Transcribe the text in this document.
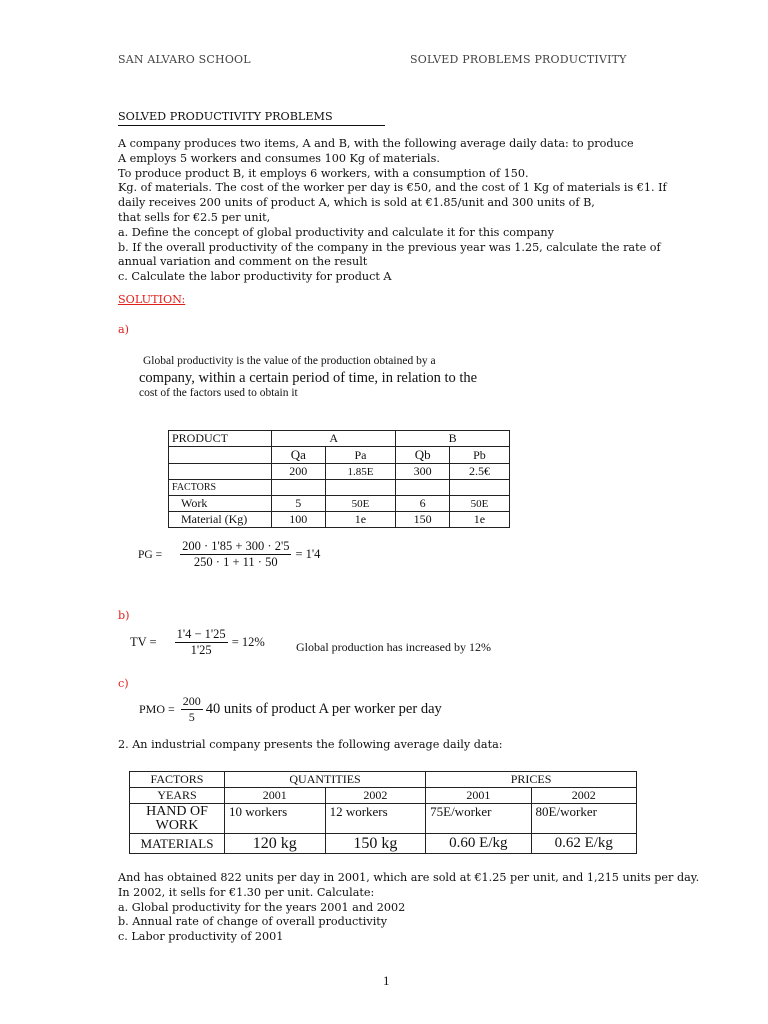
SAN ALVARO SCHOOL	SOLVED PROBLEMS PRODUCTIVITY
SOLVED PRODUCTIVITY PROBLEMS
A company produces two items, A and B, with the following average daily data: to produce
A employs 5 workers and consumes 100 Kg of materials.
To produce product B, it employs 6 workers, with a consumption of 150.
Kg. of materials. The cost of the worker per day is €50, and the cost of 1 Kg of materials is €1. If
daily receives 200 units of product A, which is sold at €1.85/unit and 300 units of B,
that sells for €2.5 per unit,
a. Define the concept of global productivity and calculate it for this company
b. If the overall productivity of the company in the previous year was 1.25, calculate the rate of
annual variation and comment on the result
c. Calculate the labor productivity for product A
SOLUTION:
a)
Global productivity is the value of the production obtained by a
company, within a certain period of time, in relation to the
cost of the factors used to obtain it
PRODUCT	A		B	
	Qa	Pa	Qb	Pb
	200	1.85E	300	2.5€
FACTORS				
Work	5	50E	6	50E
Material (Kg)	100	1e	150	1e
PG = $\frac{200 \cdot 1'85 + 300 \cdot 2'5}{250 \cdot 1 + 11 \cdot 50} = 1'4$
b)
TV = $\frac{1'4 - 1'25}{1'25} = 12\%$	Global production has increased by 12%
c)
PMO = $\frac{200}{5} 40$ units of product A per worker per day
2. An industrial company presents the following average daily data:
FACTORS	QUANTITIES		PRICES	
YEARS	2001	2002	2001	2002
HAND OF WORK	10 workers	12 workers	75E/worker	80E/worker
MATERIALS	120 kg	150 kg	0.60 E/kg	0.62 E/kg
And has obtained 822 units per day in 2001, which are sold at €1.25 per unit, and 1,215 units per day.
In 2002, it sells for €1.30 per unit. Calculate:
a. Global productivity for the years 2001 and 2002
b. Annual rate of change of overall productivity
c. Labor productivity of 2001
1
